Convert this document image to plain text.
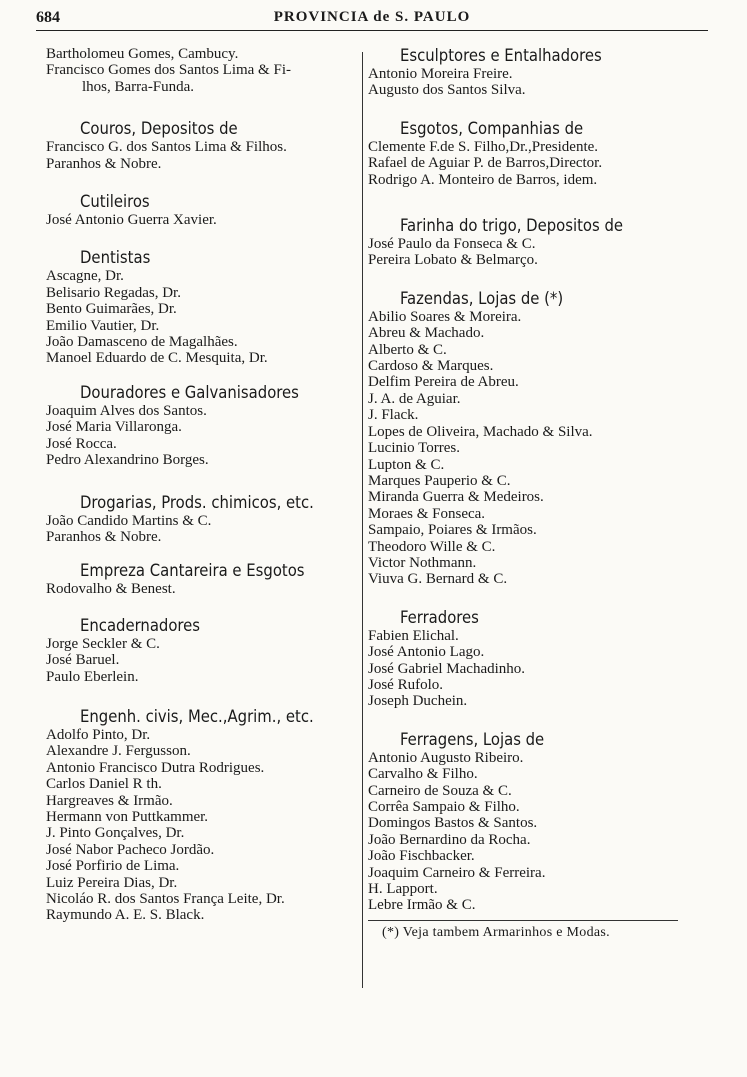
684	PROVINCIA de S. PAULO
Bartholomeu Gomes, Cambucy.
Francisco Gomes dos Santos Lima & Fi-
lhos, Barra-Funda.
Couros, Depositos de
Francisco G. dos Santos Lima & Filhos.
Paranhos & Nobre.
Cutileiros
José Antonio Guerra Xavier.
Dentistas
Ascagne, Dr.
Belisario Regadas, Dr.
Bento Guimarães, Dr.
Emilio Vautier, Dr.
João Damasceno de Magalhães.
Manoel Eduardo de C. Mesquita, Dr.
Douradores e Galvanisadores
Joaquim Alves dos Santos.
José Maria Villaronga.
José Rocca.
Pedro Alexandrino Borges.
Drogarias, Prods. chimicos, etc.
João Candido Martins & C.
Paranhos & Nobre.
Empreza Cantareira e Esgotos
Rodovalho & Benest.
Encadernadores
Jorge Seckler & C.
José Baruel.
Paulo Eberlein.
Engenh. civis, Mec.,Agrim., etc.
Adolfo Pinto, Dr.
Alexandre J. Fergusson.
Antonio Francisco Dutra Rodrigues.
Carlos Daniel R th.
Hargreaves & Irmão.
Hermann von Puttkammer.
J. Pinto Gonçalves, Dr.
José Nabor Pacheco Jordão.
José Porfirio de Lima.
Luiz Pereira Dias, Dr.
Nicoláo R. dos Santos França Leite, Dr.
Raymundo A. E. S. Black.
Esculptores e Entalhadores
Antonio Moreira Freire.
Augusto dos Santos Silva.
Esgotos, Companhias de
Clemente F.de S. Filho,Dr.,Presidente.
Rafael de Aguiar P. de Barros,Director.
Rodrigo A. Monteiro de Barros, idem.
Farinha do trigo, Depositos de
José Paulo da Fonseca & C.
Pereira Lobato & Belmarço.
Fazendas, Lojas de (*)
Abilio Soares & Moreira.
Abreu & Machado.
Alberto & C.
Cardoso & Marques.
Delfim Pereira de Abreu.
J. A. de Aguiar.
J. Flack.
Lopes de Oliveira, Machado & Silva.
Lucinio Torres.
Lupton & C.
Marques Pauperio & C.
Miranda Guerra & Medeiros.
Moraes & Fonseca.
Sampaio, Poiares & Irmãos.
Theodoro Wille & C.
Victor Nothmann.
Viuva G. Bernard & C.
Ferradores
Fabien Elichal.
José Antonio Lago.
José Gabriel Machadinho.
José Rufolo.
Joseph Duchein.
Ferragens, Lojas de
Antonio Augusto Ribeiro.
Carvalho & Filho.
Carneiro de Souza & C.
Corrêa Sampaio & Filho.
Domingos Bastos & Santos.
João Bernardino da Rocha.
João Fischbacker.
Joaquim Carneiro & Ferreira.
H. Lapport.
Lebre Irmão & C.
(*) Veja tambem Armarinhos e Modas.
